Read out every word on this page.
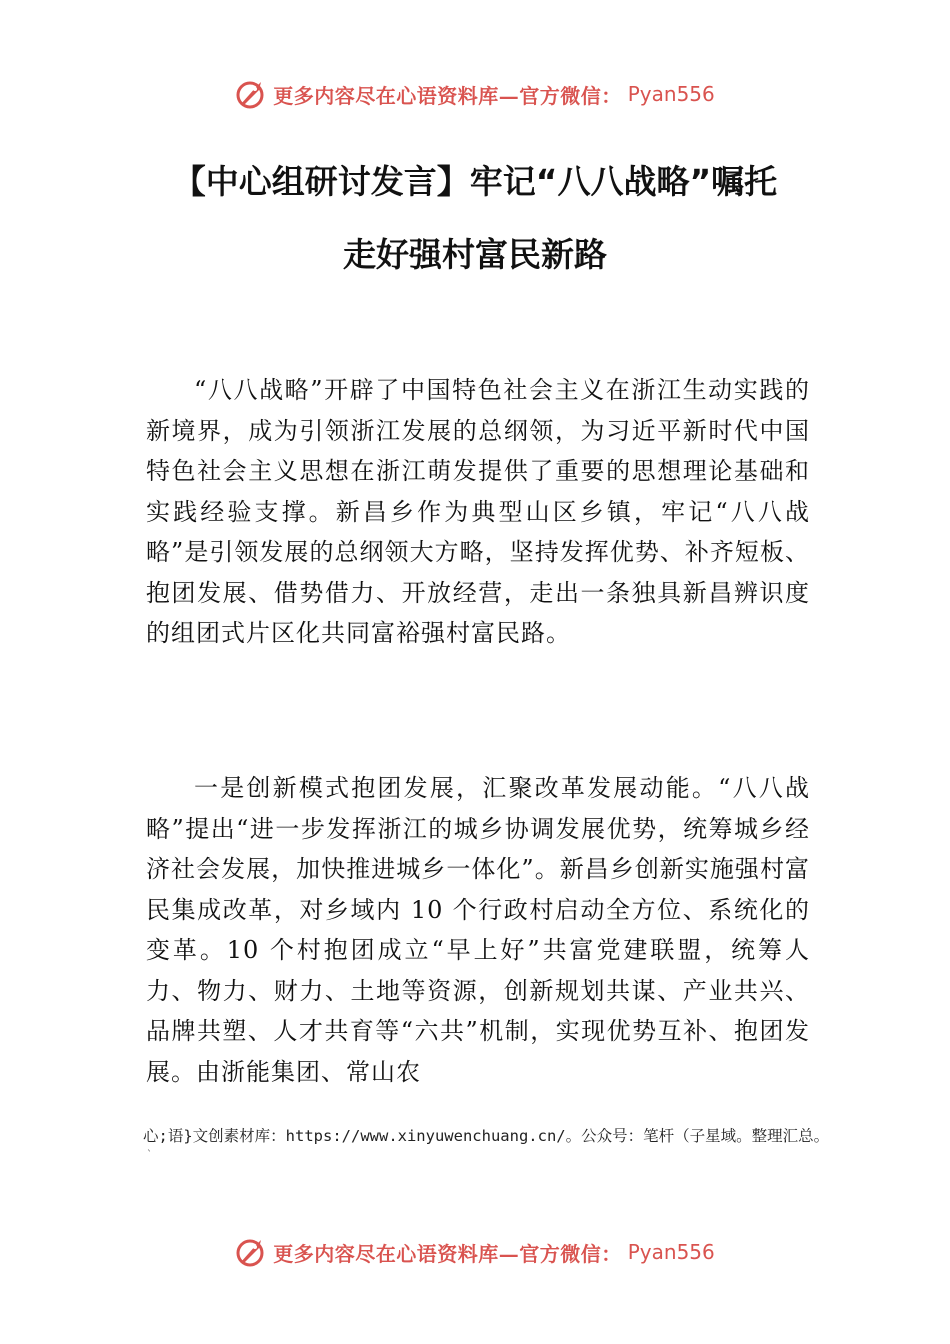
更多内容尽在心语资料库—官方微信： Pyan556
【中心组研讨发言】牢记“八八战略”嘱托
走好强村富民新路

“八八战略”开辟了中国特色社会主义在浙江生动实践的新境界，成为引领浙江发展的总纲领，为习近平新时代中国特色社会主义思想在浙江萌发提供了重要的思想理论基础和实践经验支撑。新昌乡作为典型山区乡镇，牢记“八八战略”是引领发展的总纲领大方略，坚持发挥优势、补齐短板、抱团发展、借势借力、开放经营，走出一条独具新昌辨识度的组团式片区化共同富裕强村富民路。

一是创新模式抱团发展，汇聚改革发展动能。“八八战略”提出“进一步发挥浙江的城乡协调发展优势，统筹城乡经济社会发展，加快推进城乡一体化”。新昌乡创新实施强村富民集成改革，对乡域内 10 个行政村启动全方位、系统化的变革。10 个村抱团成立“早上好”共富党建联盟，统筹人力、物力、财力、土地等资源，创新规划共谋、产业共兴、品牌共塑、人才共育等“六共”机制，实现优势互补、抱团发展。由浙能集团、常山农

心;语}文创素材库：https://www.xinyuwenchuang.cn/。公众号：笔杆（子星域。整理汇总。
`
更多内容尽在心语资料库—官方微信： Pyan556
